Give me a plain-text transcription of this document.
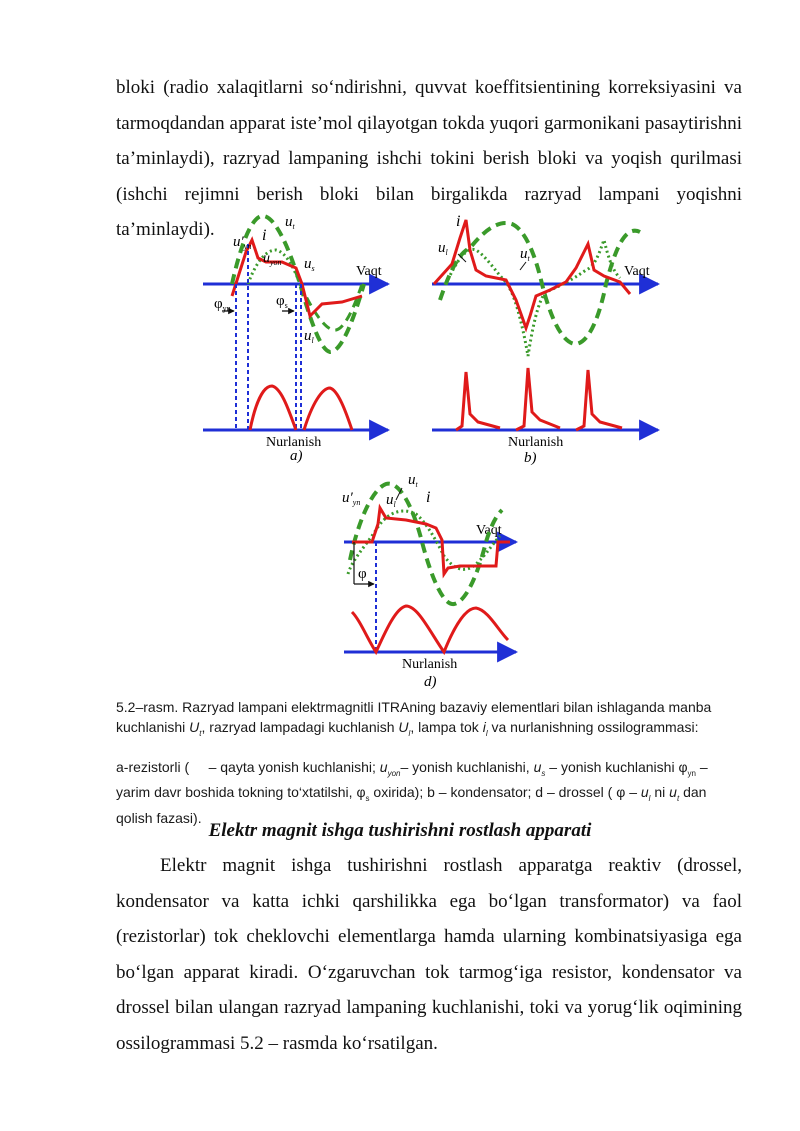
bloki (radio xalaqitlarni so‘ndirishni, quvvat koeffitsientining korreksiyasini va tarmoqdandan apparat iste’mol qilayotgan tokda yuqori garmonikani pasaytirishni ta’minlaydi), razryad lampaning ishchi tokini berish bloki va yoqish qurilmasi (ishchi rejimni berish bloki bilan birgalikda razryad lampani yoqishni ta’minlaydi).
Vaqt
$\varphi_{yn}$	$\varphi_s$
$u_t$
$u'_{yn}$
i
$u_{yon}$ $u_s$
$u_l$
Nurlanish
a)
Vaqt
i
$u_l$	$u_t$
Nurlanish
b)
Vaqt
φ
$u_t$
$u'_{yn}$ $u_l$ i
Nurlanish
d)
5.2–rasm. Razryad lampani elektrmagnitli ITRAning bazaviy elementlari bilan ishlaganda manba kuchlanishi $U_t$, razryad lampadagi kuchlanish $U_l$, lampa tok $i_l$ va nurlanishning ossilogrammasi:
a-rezistorli ( – qayta yonish kuchlanishi; $u_{yon}-$ yonish kuchlanishi, $u_s$ – yonish kuchlanishi $\varphi_{yn}$ – yarim davr boshida tokning to‘xtatilshi, $\varphi_s$ oxirida); b – kondensator; d – drossel ( φ – $u_l$ ni $u_t$ dan qolish fazasi).
Elektr magnit ishga tushirishni rostlash apparati
Elektr magnit ishga tushirishni rostlash apparatga reaktiv (drossel, kondensator va katta ichki qarshilikka ega bo‘lgan transformator) va faol (rezistorlar) tok cheklovchi elementlarga hamda ularning kombinatsiyasiga ega bo‘lgan apparat kiradi. O‘zgaruvchan tok tarmog‘iga resistor, kondensator va drossel bilan ulangan razryad lampaning kuchlanishi, toki va yorug‘lik oqimining ossilogrammasi 5.2 – rasmda ko‘rsatilgan.
